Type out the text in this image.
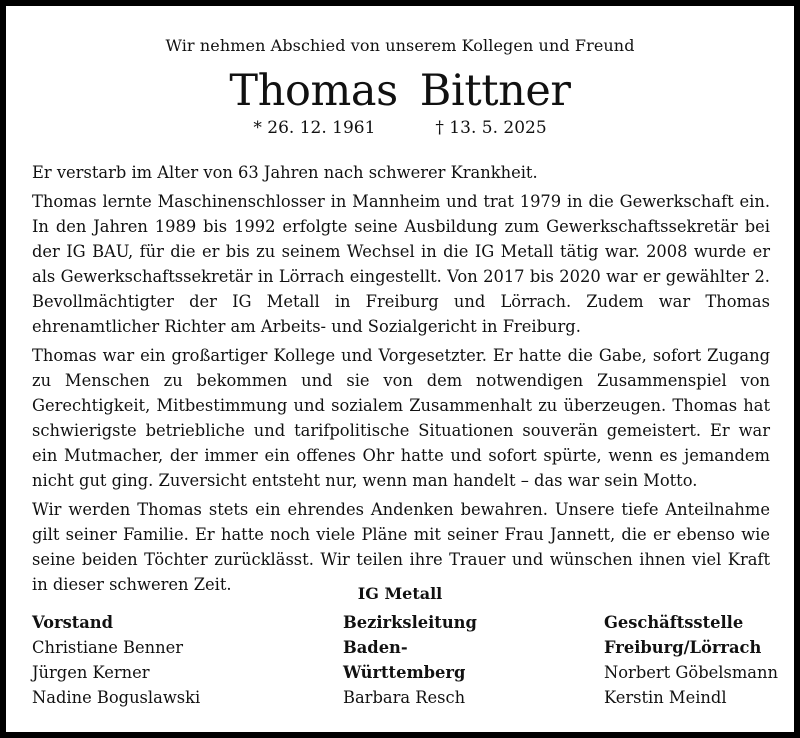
Wir nehmen Abschied von unserem Kollegen und Freund
Thomas Bittner
* 26. 12. 1961	† 13. 5. 2025

Er verstarb im Alter von 63 Jahren nach schwerer Krankheit.

Thomas lernte Maschinenschlosser in Mannheim und trat 1979 in die Gewerkschaft ein. In den Jahren 1989 bis 1992 erfolgte seine Ausbildung zum Gewerkschaftssekretär bei der IG BAU, für die er bis zu seinem Wechsel in die IG Metall tätig war. 2008 wurde er als Gewerkschaftssekretär in Lörrach eingestellt. Von 2017 bis 2020 war er gewählter 2. Bevollmächtigter der IG Metall in Freiburg und Lörrach. Zudem war Thomas ehrenamtlicher Richter am Arbeits- und Sozialgericht in Freiburg.

Thomas war ein großartiger Kollege und Vorgesetzter. Er hatte die Gabe, sofort Zugang zu Menschen zu bekommen und sie von dem notwendigen Zusammenspiel von Gerechtigkeit, Mitbestimmung und sozialem Zusammenhalt zu überzeugen. Thomas hat schwierigste betriebliche und tarifpolitische Situationen souverän gemeistert. Er war ein Mutmacher, der immer ein offenes Ohr hatte und sofort spürte, wenn es jemandem nicht gut ging. Zuversicht entsteht nur, wenn man handelt – das war sein Motto.

Wir werden Thomas stets ein ehrendes Andenken bewahren. Unsere tiefe Anteilnahme gilt seiner Familie. Er hatte noch viele Pläne mit seiner Frau Jannett, die er ebenso wie seine beiden Töchter zurücklässt. Wir teilen ihre Trauer und wünschen ihnen viel Kraft in dieser schweren Zeit.	IG Metall
Vorstand
Christiane Benner
Jürgen Kerner
Nadine Boguslawski
Bezirksleitung
Baden-
Württemberg
Barbara Resch
Geschäftsstelle
Freiburg/Lörrach
Norbert Göbelsmann
Kerstin Meindl
